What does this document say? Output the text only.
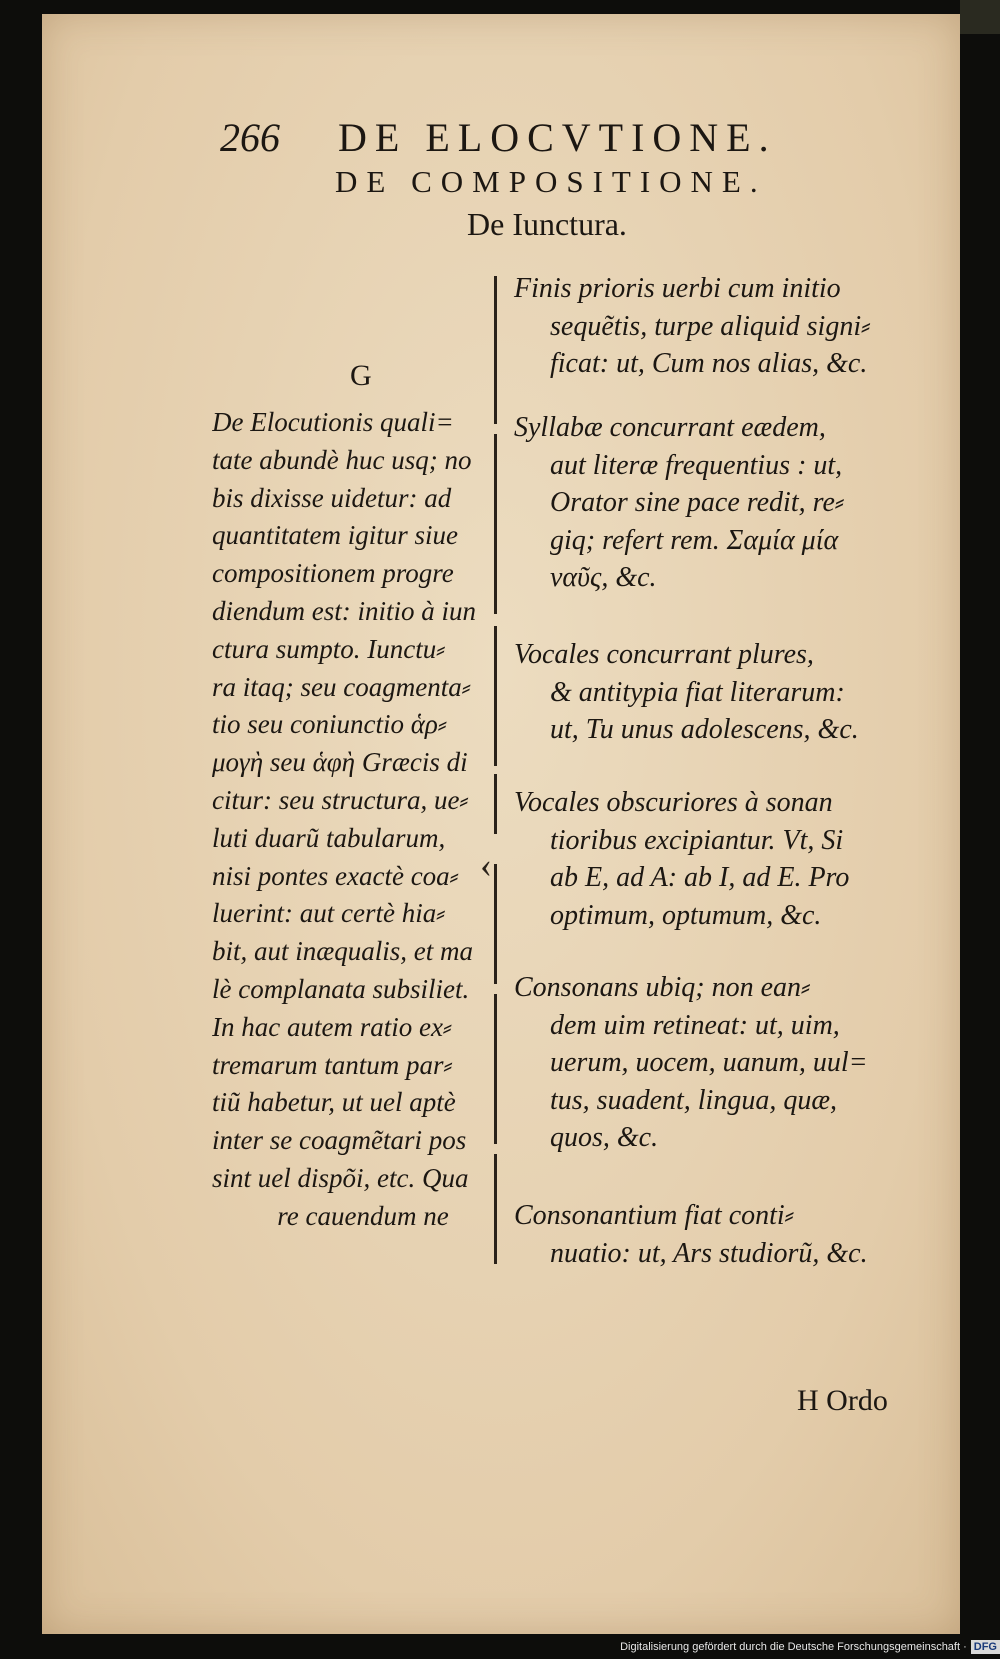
266 DE ELOCVTIONE.
DE COMPOSITIONE.
De Iunctura.
G
De Elocutionis quali=
tate abundè huc usq; no
bis dixisse uidetur: ad
quantitatem igitur siue
compositionem progre
diendum est: initio à iun
ctura sumpto. Iunctu⸗
ra itaq; seu coagmenta⸗
tio seu coniunctio ἁρ⸗
μογὴ seu ἁφὴ Græcis di
citur: seu structura, ue⸗
luti duarũ tabularum,
nisi pontes exactè coa⸗
luerint: aut certè hia⸗
bit, aut inæqualis, et ma
lè complanata subsiliet.
In hac autem ratio ex⸗
tremarum tantum par⸗
tiũ habetur, ut uel aptè
inter se coagmẽtari pos
sint uel dispõi, etc. Qua
re cauendum ne
‹
Finis prioris uerbi cum initio
sequẽtis, turpe aliquid signi⸗
ficat: ut, Cum nos alias, &c.
Syllabæ concurrant eædem,
aut literæ frequentius : ut,
Orator sine pace redit, re⸗
giq; refert rem. Σαμία μία
ναῦς, &c.
Vocales concurrant plures,
& antitypia fiat literarum:
ut, Tu unus adolescens, &c.
Vocales obscuriores à sonan
tioribus excipiantur. Vt, Si
ab E, ad A: ab I, ad E. Pro
optimum, optumum, &c.
Consonans ubiq; non ean⸗
dem uim retineat: ut, uim,
uerum, uocem, uanum, uul=
tus, suadent, lingua, quæ,
quos, &c.
Consonantium fiat conti⸗
nuatio: ut, Ars studiorũ, &c.
H Ordo
Digitalisierung gefördert durch die Deutsche Forschungsgemeinschaft · DFG
